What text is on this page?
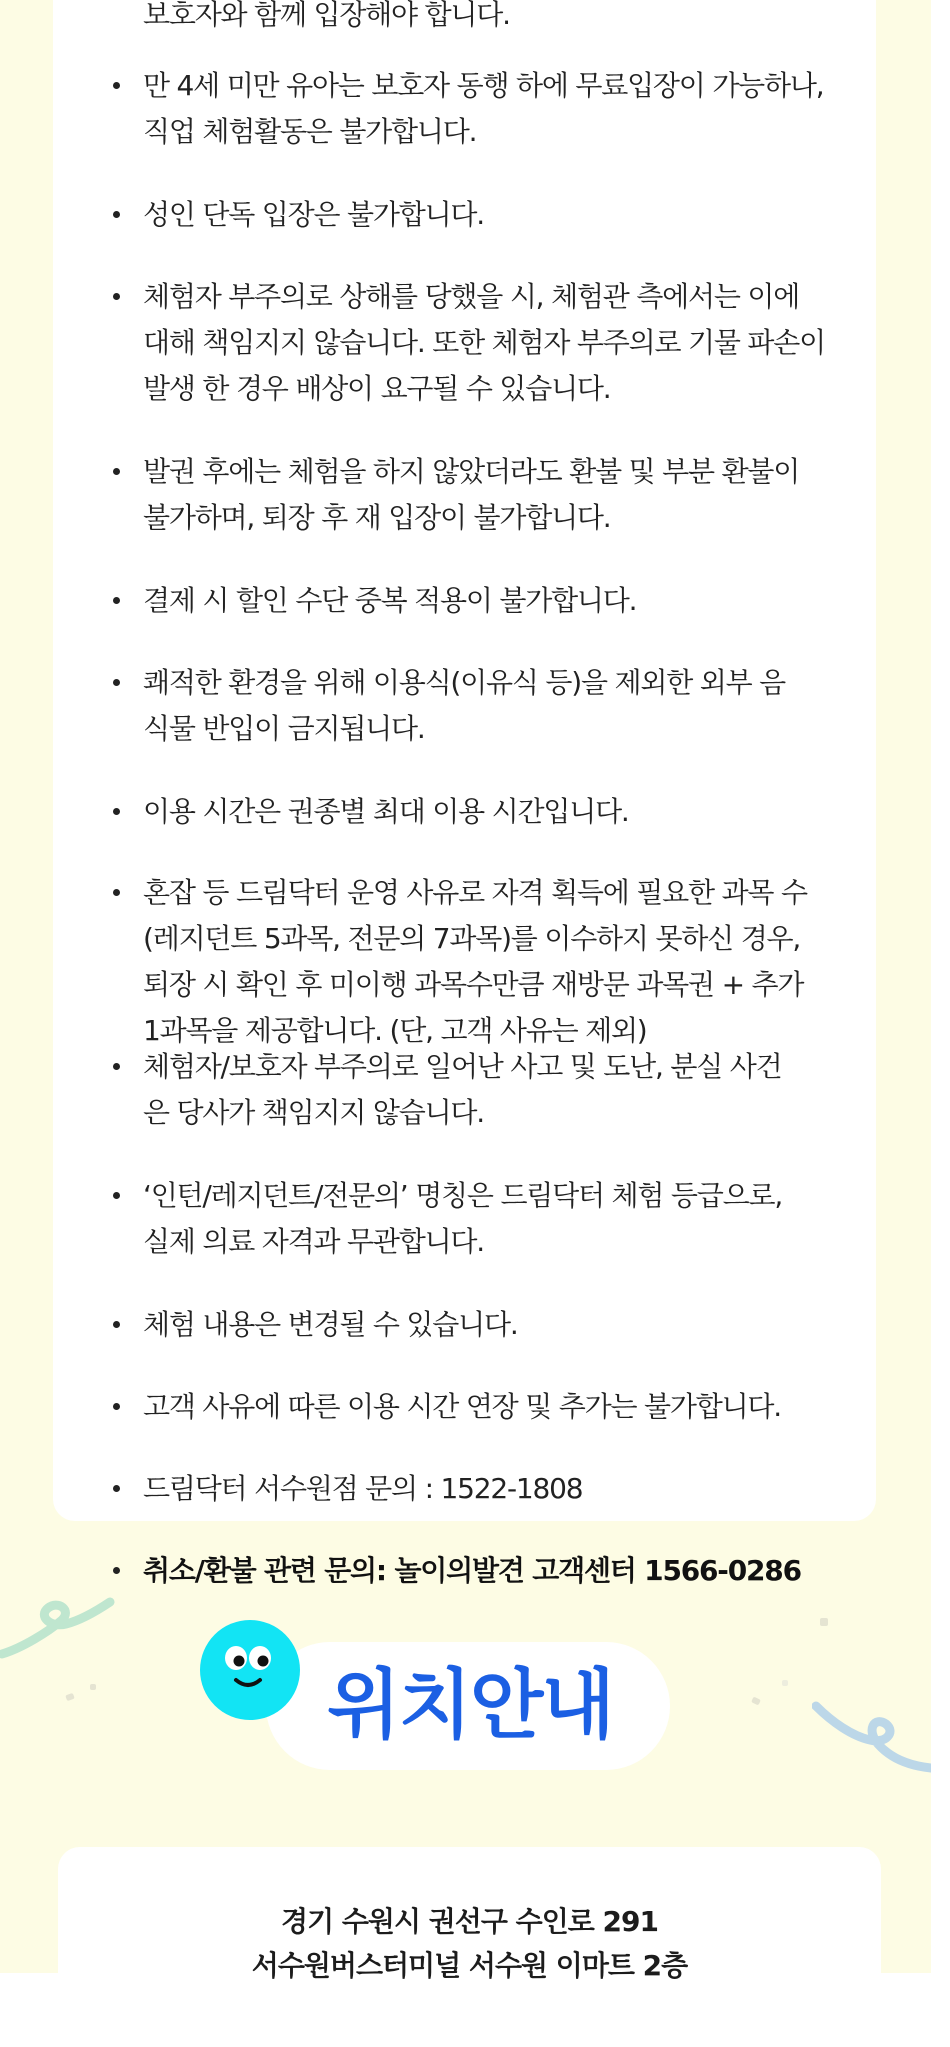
보호자와 함께 입장해야 합니다.
만 4세 미만 유아는 보호자 동행 하에 무료입장이 가능하나,
직업 체험활동은 불가합니다.
성인 단독 입장은 불가합니다.
체험자 부주의로 상해를 당했을 시, 체험관 측에서는 이에
대해 책임지지 않습니다. 또한 체험자 부주의로 기물 파손이
발생 한 경우 배상이 요구될 수 있습니다.
발권 후에는 체험을 하지 않았더라도 환불 및 부분 환불이
불가하며, 퇴장 후 재 입장이 불가합니다.
결제 시 할인 수단 중복 적용이 불가합니다.
쾌적한 환경을 위해 이용식(이유식 등)을 제외한 외부 음
식물 반입이 금지됩니다.
이용 시간은 권종별 최대 이용 시간입니다.
혼잡 등 드림닥터 운영 사유로 자격 획득에 필요한 과목 수
(레지던트 5과목, 전문의 7과목)를 이수하지 못하신 경우,
퇴장 시 확인 후 미이행 과목수만큼 재방문 과목권 + 추가
1과목을 제공합니다. (단, 고객 사유는 제외)
체험자/보호자 부주의로 일어난 사고 및 도난, 분실 사건
은 당사가 책임지지 않습니다.
‘인턴/레지던트/전문의’ 명칭은 드림닥터 체험 등급으로,
실제 의료 자격과 무관합니다.
체험 내용은 변경될 수 있습니다.
고객 사유에 따른 이용 시간 연장 및 추가는 불가합니다.
드림닥터 서수원점 문의 : 1522-1808
취소/환불 관련 문의: 놀이의발견 고객센터 1566-0286
위치안내
경기 수원시 권선구 수인로 291
서수원버스터미널 서수원 이마트 2층
